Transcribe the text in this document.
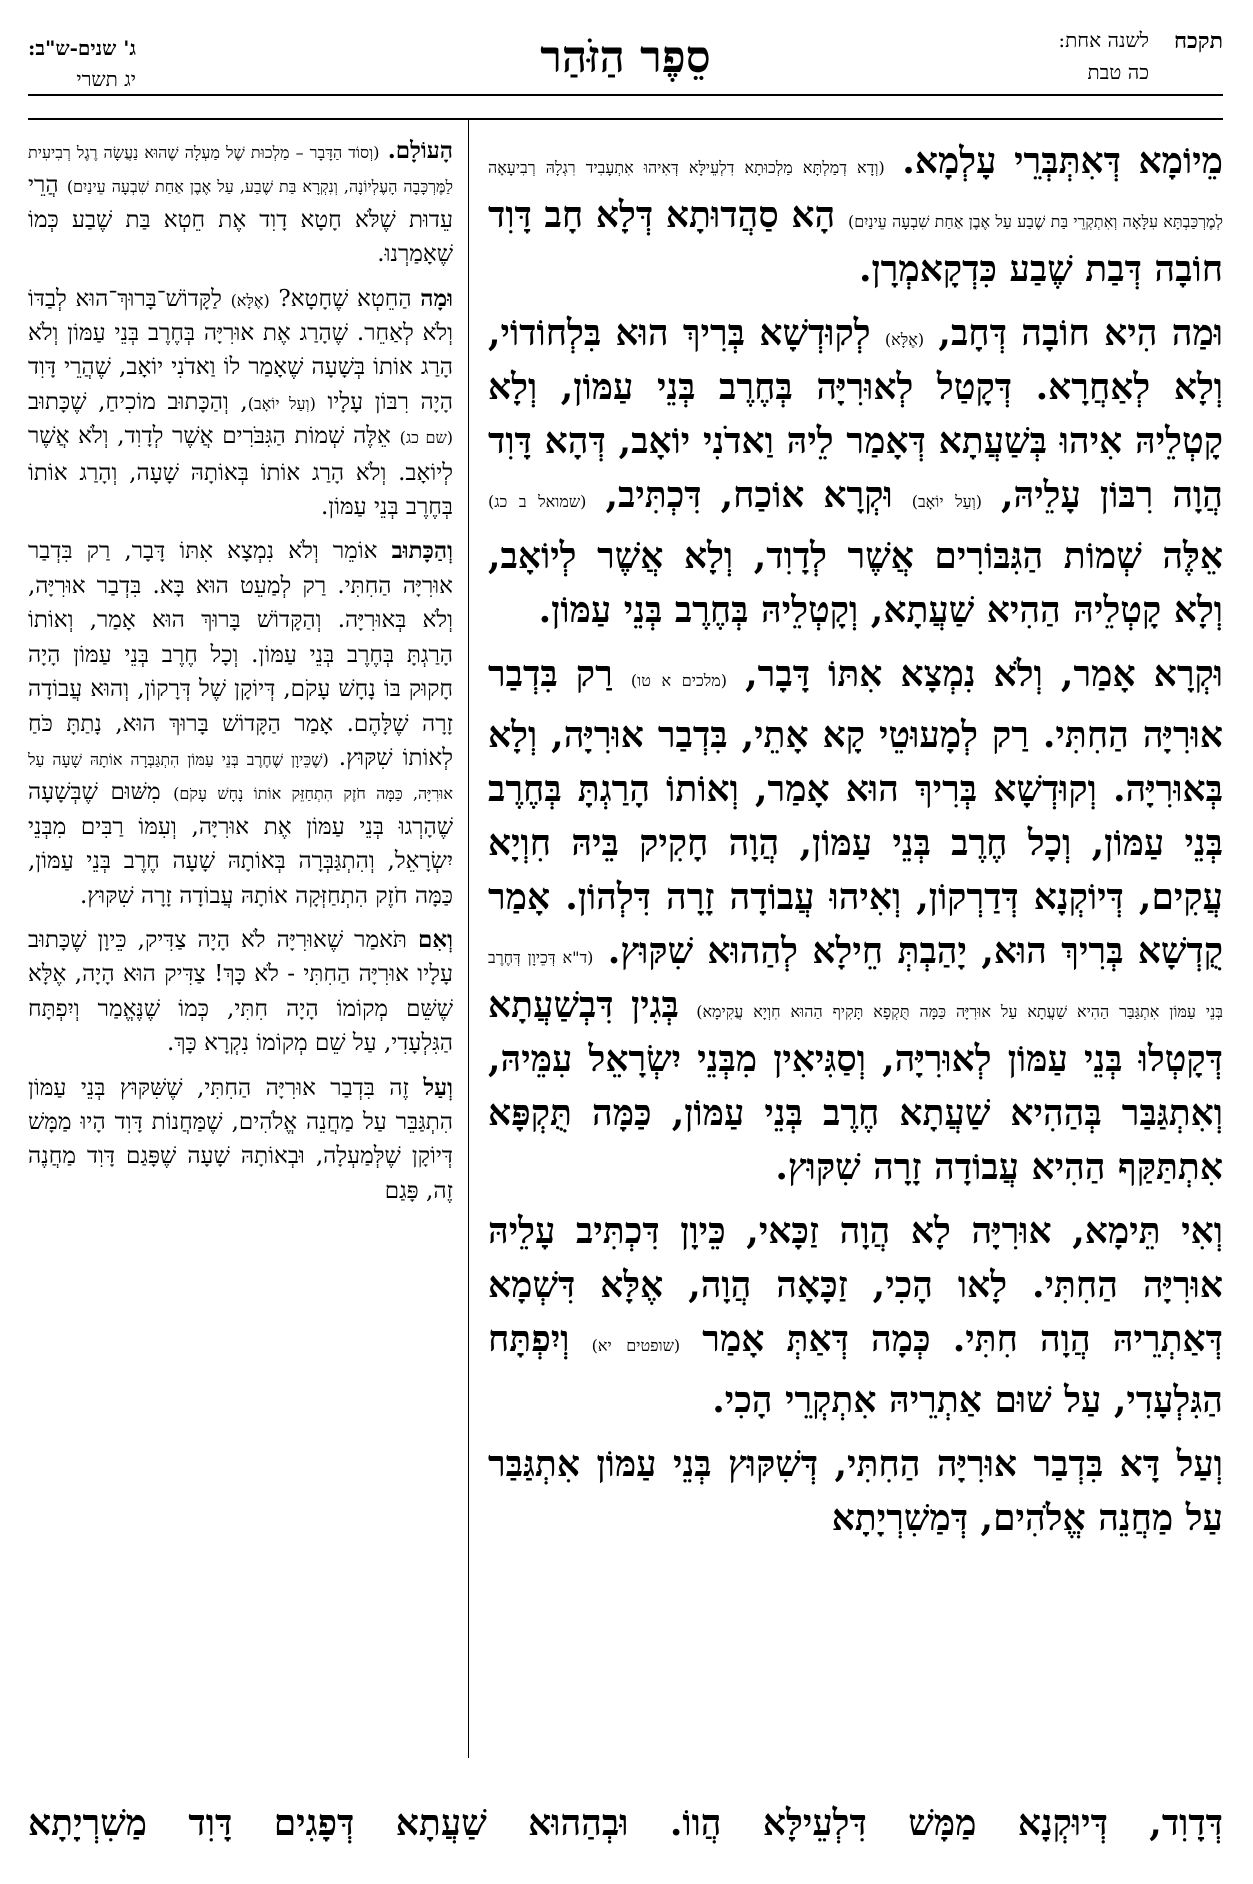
תקכח
לשנה אחת:
כה טבת
סֵפֶר הַזֹּהַר
ג' שנים-ש"ב:
יג תשרי

מֵיוֹמָא דְּאִתְּבְּרֵי עָלְמָא. (וְדָא דְמַלְתָּא מַלְכוּתָא דִלְעֵילָּא דְּאִיהוּ אִתְעָבִיד רִגְלָהּ רְבִיעָאָה לְמֶרְכַּבְתָּא עִלָּאָה וְאִתְקְרֵי בַּת שֶׁבַע עַל אֶבֶן אַחַת שִׁבְעָה עֵינַיִם) הָא סַהֲדוּתָא דְּלָא חָב דָּוִד חוֹבָה דְּבַת שֶׁבַע כִּדְקָאמְרָן.

וּמַה הִיא חוֹבָה דְּחָב, (אֶלָּא) לְקוּדְשָׁא בְּרִיךְ הוּא בִּלְחוֹדוֹי, וְלָא לְאַחֲרָא. דְּקָטַל לְאוּרִיָּה בְּחֶרֶב בְּנֵי עַמּוֹן, וְלָא קָטְלֵיהּ אִיהוּ בְּשַׁעֲתָא דְּאָמַר לֵיהּ וַאדֹנִי יוֹאָב, דְּהָא דָּוִד הֲוָה רִבּוֹן עָלֵיהּ, (וְעַל יוֹאָב) וּקְרָא אוֹכַח, דִּכְתִּיב, (שמואל ב כג) אֵלֶּה שְׁמוֹת הַגִּבּוֹרִים אֲשֶׁר לְדָוִד, וְלָא אֲשֶׁר לְיוֹאָב, וְלָא קָטְלֵיהּ הַהִיא שַׁעֲתָא, וְקָטְלֵיהּ בְּחֶרֶב בְּנֵי עַמּוֹן.

וּקְרָא אָמַר, וְלֹא נִמְצָא אִתּוֹ דָּבָר, (מלכים א טו) רַק בִּדְבַר אוּרִיָּה הַחִתִּי. רַק לְמָעוּטֵי קָא אָתֵי, בִּדְבַר אוּרִיָּה, וְלָא בְּאוּרִיָּה. וְקוּדְשָׁא בְּרִיךְ הוּא אָמַר, וְאוֹתוֹ הָרַגְתָּ בְּחֶרֶב בְּנֵי עַמּוֹן, וְכָל חֶרֶב בְּנֵי עַמּוֹן, הֲוָה חָקִיק בֵּיהּ חִוְיָא עֲקִים, דְּיוֹקְנָא דְּדַרְקוֹן, וְאִיהוּ עֲבוֹדָה זָרָה דִּלְהוֹן. אָמַר קֻדְשָׁא בְּרִיךְ הוּא, יָהַבְתְּ חֵילָא לְהַהוּא שִׁקּוּץ. (ד"א דְּכֵיוָן דְּחֶרֶב בְּנֵי עַמּוֹן אִתְגַּבַּר הַהִיא שַׁעֲתָא עַל אוּרִיָּה כַּמָּה תֻּקְפָא תָּקִיף הַהוּא חִוְיָא עֲקִימָא) בְּגִין דִּבְשַׁעֲתָא דְּקָטְלוּ בְּנֵי עַמּוֹן לְאוּרִיָּה, וְסַגִּיאִין מִבְּנֵי יִשְׂרָאֵל עִמֵּיהּ, וְאִתְגַּבַּר בְּהַהִיא שַׁעֲתָא חֶרֶב בְּנֵי עַמּוֹן, כַּמָּה תֻּקְפָּא אִתְתַּקַּף הַהִיא עֲבוֹדָה זָרָה שִׁקּוּץ.

וְאִי תֵּימָא, אוּרִיָּה לָא הֲוָה זַכָּאי, כֵּיוָן דִּכְתִּיב עָלֵיהּ אוּרִיָּה הַחִתִּי. לָאו הָכִי, זַכָּאָה הֲוָה, אֶלָּא דִּשְׁמָא דְּאַתְרֵיהּ הֲוָה חִתִּי. כְּמָה דְּאַתְּ אָמַר (שופטים יא) וְיִפְתָּח הַגִּלְעָדִי, עַל שׁוּם אַתְרֵיהּ אִתְקְרֵי הָכִי.

וְעַל דָּא בִּדְבַר אוּרִיָּה הַחִתִּי, דְּשִׁקּוּץ בְּנֵי עַמּוֹן אִתְגַּבַּר עַל מַחֲנֵה אֱלֹהִים, דְּמַשִׁרְיָתָא

הָעוֹלָם. (וְסוֹד הַדָּבָר – מַלְכוּת שֶׁל מַעְלָה שֶׁהוּא נַעֲשָׂה רֶגֶל רְבִיעִית לַמֶּרְכָּבָה הָעֶלְיוֹנָה, וְנִקְרָא בַּת שֶׁבַע, עַל אֶבֶן אַחַת שִׁבְעָה עֵינַיִם) הֲרֵי עֵדוּת שֶׁלֹּא חָטָא דָוִד אֶת חֵטְא בַּת שֶׁבַע כְּמוֹ שֶׁאָמַרְנוּ.

וּמָה הַחֵטְא שֶׁחָטָא? (אֶלָּא) לַקָּדוֹשׁ־בָּרוּךְ־הוּא לְבַדּוֹ וְלֹא לְאַחֵר. שֶׁהָרַג אֶת אוּרִיָּה בְּחֶרֶב בְּנֵי עַמּוֹן וְלֹא הָרַג אוֹתוֹ בְּשָׁעָה שֶׁאָמַר לוֹ וַאדֹנִי יוֹאָב, שֶׁהֲרֵי דָּוִד הָיָה רִבּוֹן עָלָיו (וְעַל יוֹאָב), וְהַכָּתוּב מוֹכִיחַ, שֶׁכָּתוּב (שם כג) אֵלֶּה שְׁמוֹת הַגִּבֹּרִים אֲשֶׁר לְדָוִד, וְלֹא אֲשֶׁר לְיוֹאָב. וְלֹא הָרַג אוֹתוֹ בְּאוֹתָהּ שָׁעָה, וְהָרַג אוֹתוֹ בְּחֶרֶב בְּנֵי עַמּוֹן.

וְהַכָּתוּב אוֹמֵר וְלֹא נִמְצָא אִתּוֹ דָּבָר, רַק בִּדְבַר אוּרִיָּה הַחִתִּי. רַק לְמַעֵט הוּא בָּא. בִּדְבַר אוּרִיָּה, וְלֹא בְּאוּרִיָּה. וְהַקָּדוֹשׁ בָּרוּךְ הוּא אָמַר, וְאוֹתוֹ הָרַגְתָּ בְּחֶרֶב בְּנֵי עַמּוֹן. וְכָל חֶרֶב בְּנֵי עַמּוֹן הָיָה חָקוּק בּוֹ נָחָשׁ עָקֹם, דְּיוֹקָן שֶׁל דְּרָקוֹן, וְהוּא עֲבוֹדָה זָרָה שֶׁלָּהֶם. אָמַר הַקָּדוֹשׁ בָּרוּךְ הוּא, נָתַתָּ כֹּחַ לְאוֹתוֹ שִׁקּוּץ. (שֶׁכֵּיוָן שֶׁחֶרֶב בְּנֵי עַמּוֹן הִתְגַּבְּרָה אוֹתָהּ שָׁעָה עַל אוּרִיָּה, כַּמָּה חֹזֶק הִתְחַזֵּק אוֹתוֹ נָחָשׁ עָקֹם) מִשּׁוּם שֶׁבְּשָׁעָה שֶׁהָרְגוּ בְּנֵי עַמּוֹן אֶת אוּרִיָּה, וְעִמּוֹ רַבִּים מִבְּנֵי יִשְׂרָאֵל, וְהִתְגַּבְּרָה בְּאוֹתָהּ שָׁעָה חֶרֶב בְּנֵי עַמּוֹן, כַּמָּה חֹזֶק הִתְחַזְּקָה אוֹתָהּ עֲבוֹדָה זָרָה שִׁקּוּץ.

וְאִם תֹּאמַר שֶׁאוּרִיָּה לֹא הָיָה צַדִּיק, כֵּיוָן שֶׁכָּתוּב עָלָיו אוּרִיָּה הַחִתִּי - לֹא כָּךְ! צַדִּיק הוּא הָיָה, אֶלָּא שֶׁשֵּׁם מְקוֹמוֹ הָיָה חִתִּי, כְּמוֹ שֶׁנֶּאֱמַר וְיִפְתָּח הַגִּלְעָדִי, עַל שֵׁם מְקוֹמוֹ נִקְרָא כָּךְ.

וְעַל זֶה בִּדְבַר אוּרִיָּה הַחִתִּי, שֶׁשִּׁקּוּץ בְּנֵי עַמּוֹן הִתְגַּבֵּר עַל מַחֲנֵה אֱלֹהִים, שֶׁמַּחֲנוֹת דָּוִד הָיוּ מַמָּשׁ דְּיוֹקָן שֶׁלְּמַעְלָה, וּבְאוֹתָהּ שָׁעָה שֶׁפָּגַם דָּוִד מַחֲנֶה זֶה, פָּגַם

דְּדָוִד, דְּיוּקְנָא מַמָּשׁ דִּלְעֵילָּא הֲווֹ. וּבְהַהוּא שַׁעֲתָא דְּפָגִים דָּוִד מַשִׁרְיָתָא
